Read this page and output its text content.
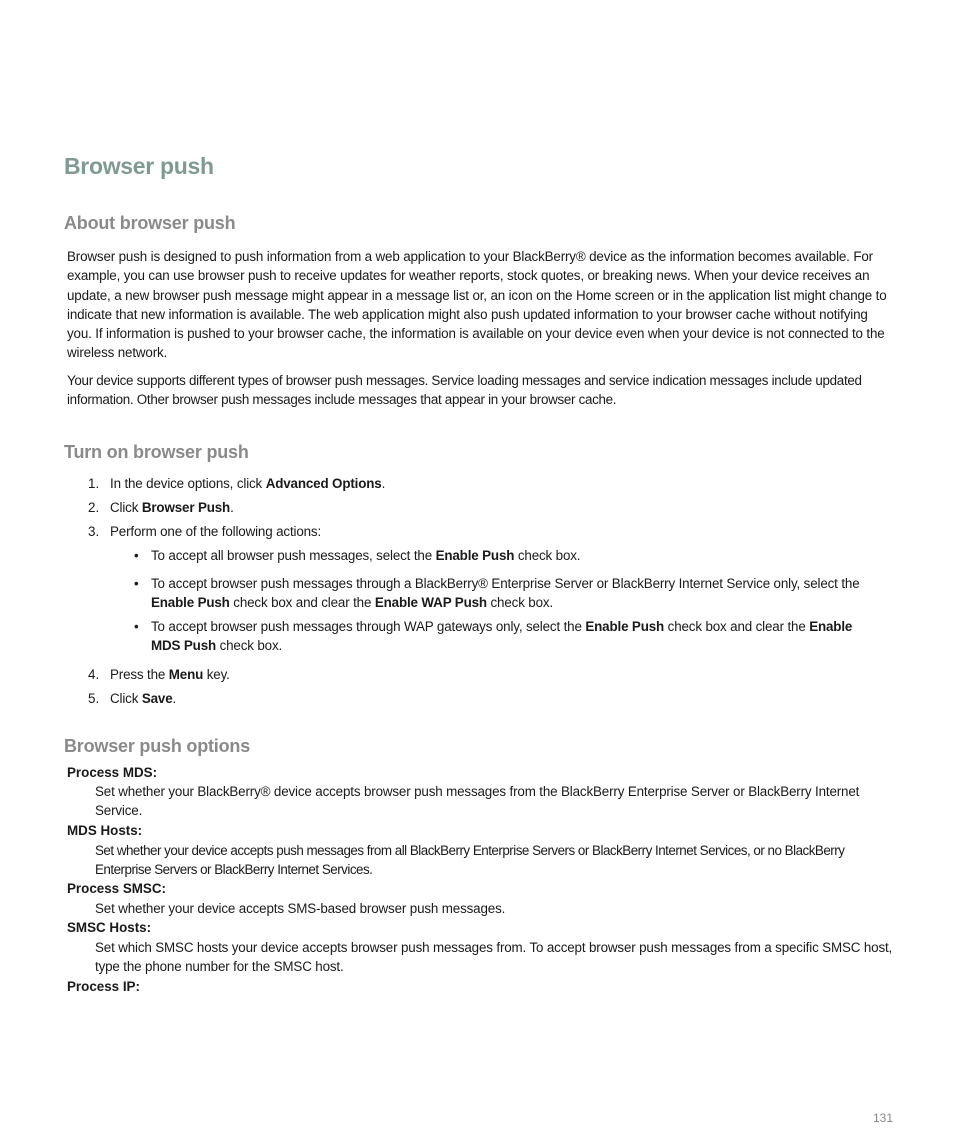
Browser push
About browser push

Browser push is designed to push information from a web application to your BlackBerry® device as the information becomes available. For example, you can use browser push to receive updates for weather reports, stock quotes, or breaking news. When your device receives an update, a new browser push message might appear in a message list or, an icon on the Home screen or in the application list might change to indicate that new information is available. The web application might also push updated information to your browser cache without notifying you. If information is pushed to your browser cache, the information is available on your device even when your device is not connected to the wireless network.

Your device supports different types of browser push messages. Service loading messages and service indication messages include updated information. Other browser push messages include messages that appear in your browser cache.

Turn on browser push
1. In the device options, click Advanced Options.
2. Click Browser Push.
3. Perform one of the following actions:
• To accept all browser push messages, select the Enable Push check box.
• To accept browser push messages through a BlackBerry® Enterprise Server or BlackBerry Internet Service only, select the
Enable Push check box and clear the Enable WAP Push check box.
• To accept browser push messages through WAP gateways only, select the Enable Push check box and clear the Enable
MDS Push check box.
4. Press the Menu key.
5. Click Save.
Browser push options
Process MDS:

Set whether your BlackBerry® device accepts browser push messages from the BlackBerry Enterprise Server or BlackBerry Internet Service.

MDS Hosts:

Set whether your device accepts push messages from all BlackBerry Enterprise Servers or BlackBerry Internet Services, or no BlackBerry Enterprise Servers or BlackBerry Internet Services.

Process SMSC:

Set whether your device accepts SMS-based browser push messages.

SMSC Hosts:

Set which SMSC hosts your device accepts browser push messages from. To accept browser push messages from a specific SMSC host, type the phone number for the SMSC host.

Process IP:
131
